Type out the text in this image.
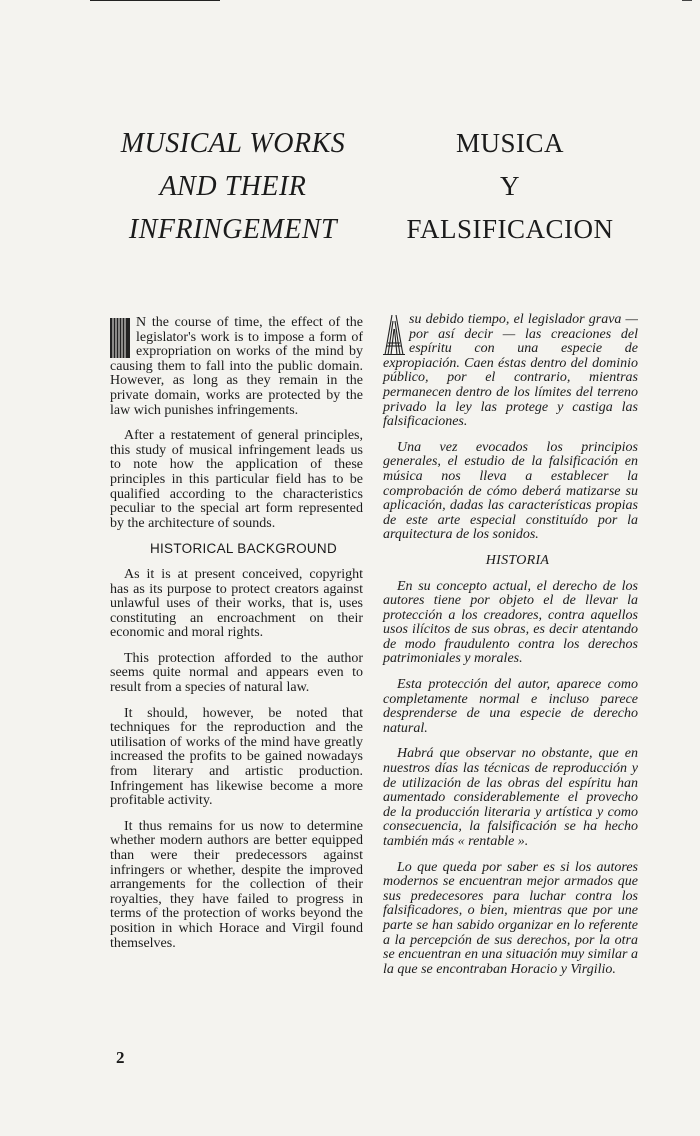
MUSICAL WORKS
AND THEIR
INFRINGEMENT
MUSICA
Y
FALSIFICACION

N the course of time, the effect of the legislator's work is to impose a form of expropriation on works of the mind by causing them to fall into the public domain. However, as long as they remain in the private domain, works are protected by the law wich punishes infringements.

After a restatement of general principles, this study of musical infringement leads us to note how the application of these principles in this particular field has to be qualified according to the characteristics peculiar to the special art form represented by the architecture of sounds.

HISTORICAL BACKGROUND

As it is at present conceived, copyright has as its purpose to protect creators against unlawful uses of their works, that is, uses constituting an encroachment on their economic and moral rights.

This protection afforded to the author seems quite normal and appears even to result from a species of natural law.

It should, however, be noted that techniques for the reproduction and the utilisation of works of the mind have greatly increased the profits to be gained nowadays from literary and artistic production. Infringement has likewise become a more profitable activity.

It thus remains for us now to determine whether modern authors are better equipped than were their predecessors against infringers or whether, despite the improved arrangements for the collection of their royalties, they have failed to progress in terms of the protection of works beyond the position in which Horace and Virgil found themselves.

su debido tiempo, el legislador grava — por así decir — las creaciones del espíritu con una especie de expropiación. Caen éstas dentro del dominio público, por el contrario, mientras permanecen dentro de los límites del terreno privado la ley las protege y castiga las falsificaciones.

Una vez evocados los principios generales, el estudio de la falsificación en música nos lleva a establecer la comprobación de cómo deberá matizarse su aplicación, dadas las características propias de este arte especial constituído por la arquitectura de los sonidos.

HISTORIA

En su concepto actual, el derecho de los autores tiene por objeto el de llevar la protección a los creadores, contra aquellos usos ilícitos de sus obras, es decir atentando de modo fraudulento contra los derechos patrimoniales y morales.

Esta protección del autor, aparece como completamente normal e incluso parece desprenderse de una especie de derecho natural.

Habrá que observar no obstante, que en nuestros días las técnicas de reproducción y de utilización de las obras del espíritu han aumentado considerablemente el provecho de la producción literaria y artística y como consecuencia, la falsificación se ha hecho también más « rentable ».

Lo que queda por saber es si los autores modernos se encuentran mejor armados que sus predecesores para luchar contra los falsificadores, o bien, mientras que por une parte se han sabido organizar en lo referente a la percepción de sus derechos, por la otra se encuentran en una situación muy similar a la que se encontraban Horacio y Virgilio.

2
